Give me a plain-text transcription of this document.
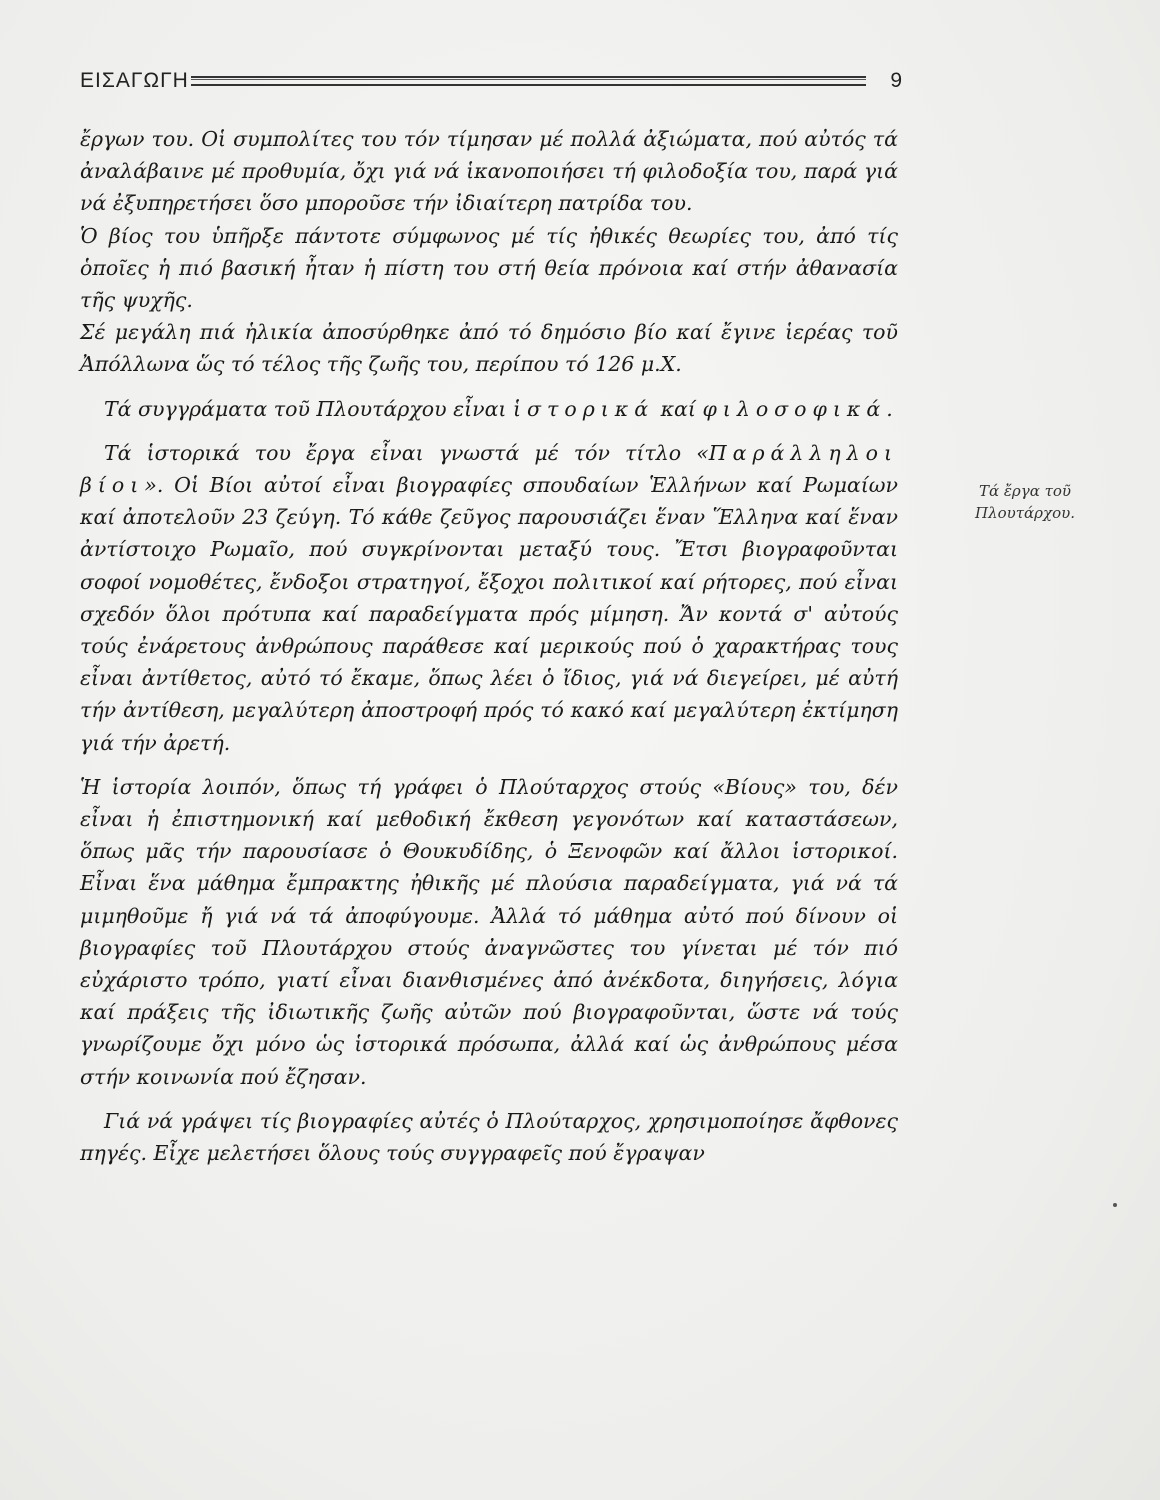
ΕΙΣΑΓΩΓΗ	9

ἔργων του. Οἱ συμπολίτες του τόν τίμησαν μέ πολλά ἀξιώματα, πού αὐτός τά ἀναλάβαινε μέ προθυμία, ὄχι γιά νά ἱκανοποιήσει τή φιλοδοξία του, παρά γιά νά ἐξυπηρετήσει ὅσο μποροῦσε τήν ἰδιαίτερη πατρίδα του.

Ὁ βίος του ὑπῆρξε πάντοτε σύμφωνος μέ τίς ἠθικές θεωρίες του, ἀπό τίς ὁποῖες ἡ πιό βασική ἦταν ἡ πίστη του στή θεία πρόνοια καί στήν ἀθανασία τῆς ψυχῆς.

Σέ μεγάλη πιά ἡλικία ἀποσύρθηκε ἀπό τό δημόσιο βίο καί ἔγινε ἱερέας τοῦ Ἀπόλλωνα ὥς τό τέλος τῆς ζωῆς του, περίπου τό 126 μ.Χ.

Τά συγγράματα τοῦ Πλουτάρχου εἶναι ἱστορικά καί φιλοσοφικά.

Τά ἱστορικά του ἔργα εἶναι γνωστά μέ τόν τίτλο «Παράλληλοι βίοι». Οἱ Βίοι αὐτοί εἶναι βιογραφίες σπουδαίων Ἑλλήνων καί Ρωμαίων καί ἀποτελοῦν 23 ζεύγη. Τό κάθε ζεῦγος παρουσιάζει ἕναν Ἕλληνα καί ἕναν ἀντίστοιχο Ρωμαῖο, πού συγκρίνονται μεταξύ τους. Ἔτσι βιογραφοῦνται σοφοί νομοθέτες, ἔνδοξοι στρατηγοί, ἔξοχοι πολιτικοί καί ρήτορες, πού εἶναι σχεδόν ὅλοι πρότυπα καί παραδείγματα πρός μίμηση. Ἄν κοντά σ' αὐτούς τούς ἐνάρετους ἀνθρώπους παράθεσε καί μερικούς πού ὁ χαρακτήρας τους εἶναι ἀντίθετος, αὐτό τό ἔκαμε, ὅπως λέει ὁ ἴδιος, γιά νά διεγείρει, μέ αὐτή τήν ἀντίθεση, μεγαλύτερη ἀποστροφή πρός τό κακό καί μεγαλύτερη ἐκτίμηση γιά τήν ἀρετή.

Ἡ ἱστορία λοιπόν, ὅπως τή γράφει ὁ Πλούταρχος στούς «Βίους» του, δέν εἶναι ἡ ἐπιστημονική καί μεθοδική ἔκθεση γεγονότων καί καταστάσεων, ὅπως μᾶς τήν παρουσίασε ὁ Θουκυδίδης, ὁ Ξενοφῶν καί ἄλλοι ἱστορικοί. Εἶναι ἕνα μάθημα ἔμπρακτης ἠθικῆς μέ πλούσια παραδείγματα, γιά νά τά μιμηθοῦμε ἤ γιά νά τά ἀποφύγουμε. Ἀλλά τό μάθημα αὐτό πού δίνουν οἱ βιογραφίες τοῦ Πλουτάρχου στούς ἀναγνῶστες του γίνεται μέ τόν πιό εὐχάριστο τρόπο, γιατί εἶναι διανθισμένες ἀπό ἀνέκδοτα, διηγήσεις, λόγια καί πράξεις τῆς ἰδιωτικῆς ζωῆς αὐτῶν πού βιογραφοῦνται, ὥστε νά τούς γνωρίζουμε ὄχι μόνο ὡς ἱστορικά πρόσωπα, ἀλλά καί ὡς ἀνθρώπους μέσα στήν κοινωνία πού ἔζησαν.

Γιά νά γράψει τίς βιογραφίες αὐτές ὁ Πλούταρχος, χρησιμοποίησε ἄφθονες πηγές. Εἶχε μελετήσει ὅλους τούς συγγραφεῖς πού ἔγραψαν

Τά ἔργα τοῦ
Πλουτάρχου.
